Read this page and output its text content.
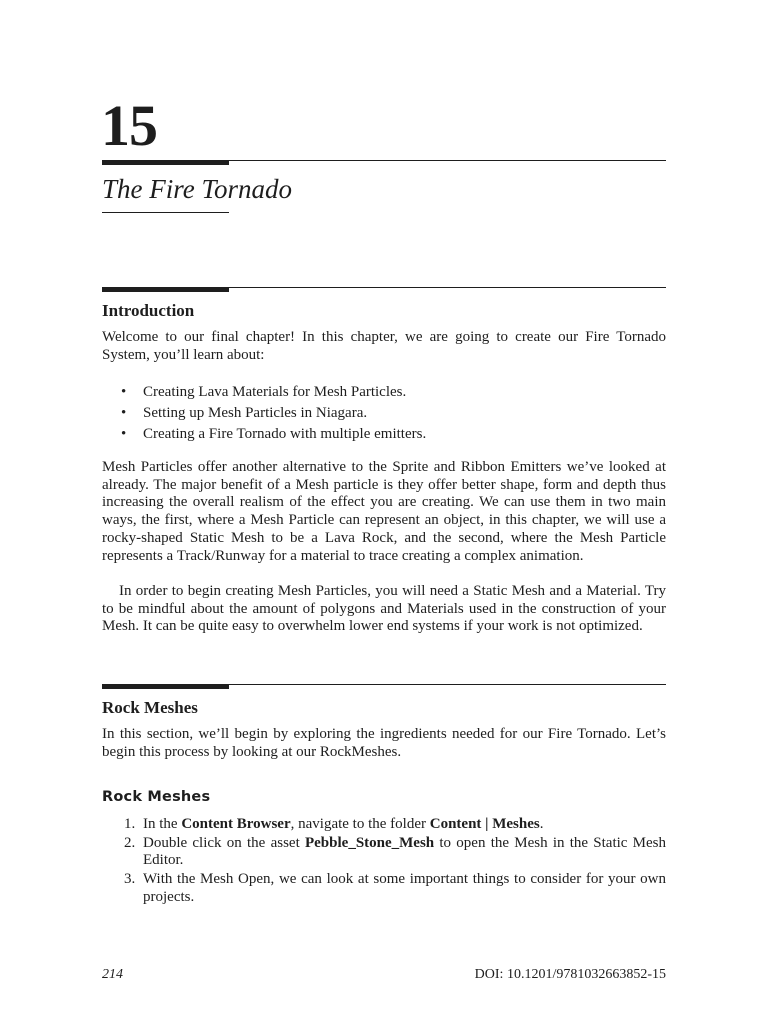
15
The Fire Tornado
Introduction

Welcome to our final chapter! In this chapter, we are going to create our Fire Tornado System, you’ll learn about:

• Creating Lava Materials for Mesh Particles.
• Setting up Mesh Particles in Niagara.
• Creating a Fire Tornado with multiple emitters.

Mesh Particles offer another alternative to the Sprite and Ribbon Emitters we’ve looked at already. The major benefit of a Mesh particle is they offer better shape, form and depth thus increasing the overall realism of the effect you are creating. We can use them in two main ways, the first, where a Mesh Particle can represent an object, in this chapter, we will use a rocky-shaped Static Mesh to be a Lava Rock, and the second, where the Mesh Particle represents a Track/Runway for a material to trace creating a complex animation.

In order to begin creating Mesh Particles, you will need a Static Mesh and a Material. Try to be mindful about the amount of polygons and Materials used in the construction of your Mesh. It can be quite easy to overwhelm lower end systems if your work is not optimized.

Rock Meshes

In this section, we’ll begin by exploring the ingredients needed for our Fire Tornado. Let’s begin this process by looking at our RockMeshes.

Rock Meshes
1. In the Content Browser, navigate to the folder Content | Meshes.
2. Double click on the asset Pebble_Stone_Mesh to open the Mesh in the Static Mesh Editor.
3. With the Mesh Open, we can look at some important things to consider for your own projects.
214	DOI: 10.1201/9781032663852-15
